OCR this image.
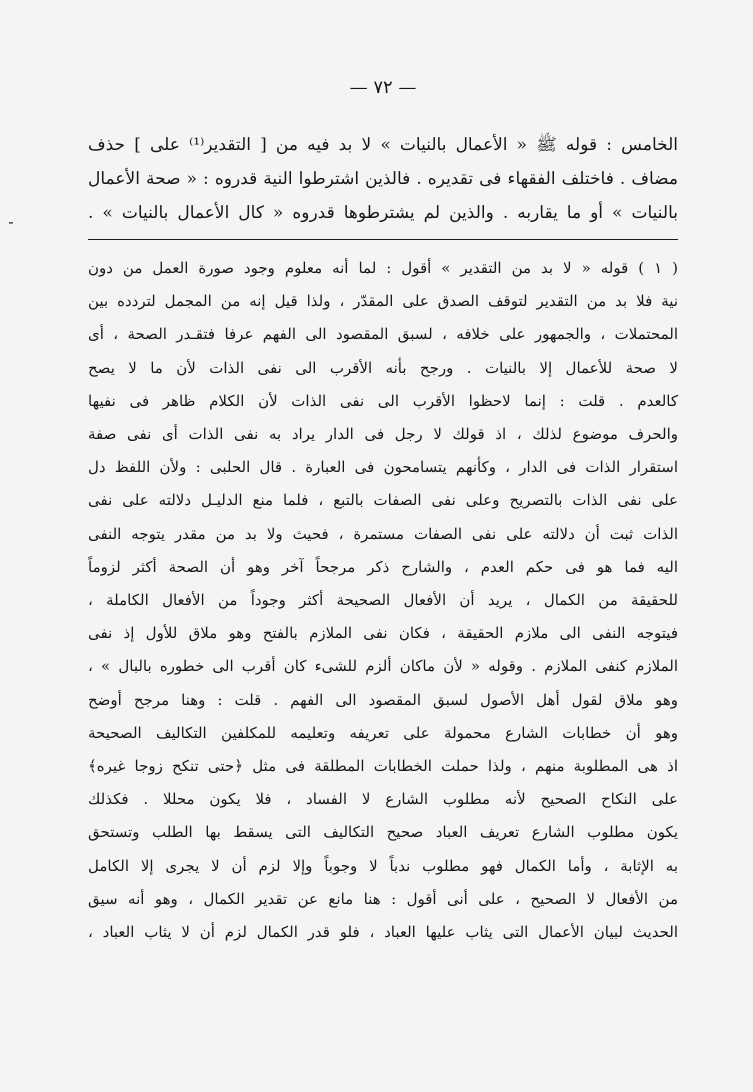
— ٧٢ —
-
الخامس : قوله ﷺ « الأعمال بالنيات » لا بد فيه من [ التقدير⁽¹⁾ على ] حذف
مضاف . فاختلف الفقهاء فى تقديره . فالذين اشترطوا النية قدروه : « صحة الأعمال
بالنيات » أو ما يقاربه . والذين لم يشترطوها قدروه « كال الأعمال بالنيات » .
( ١ ) قوله « لا بد من التقدير » أقول : لما أنه معلوم وجود صورة العمل من دون
نية فلا بد من التقدير لتوقف الصدق على المقدّر ، ولذا قيل إنه من المجمل لتردده بين
المحتملات ، والجمهور على خلافه ، لسبق المقصود الى الفهم عرفا فتقـدر الصحة ، أى
لا صحة للأعمال إلا بالنيات . ورجح بأنه الأقرب الى نفى الذات لأن ما لا يصح
كالعدم . قلت : إنما لاحظوا الأقرب الى نفى الذات لأن الكلام ظاهر فى نفيها
والحرف موضوع لذلك ، اذ قولك لا رجل فى الدار يراد به نفى الذات أى نفى صفة
استقرار الذات فى الدار ، وكأنهم يتسامحون فى العبارة . قال الحلبى : ولأن اللفظ دل
على نفى الذات بالتصريح وعلى نفى الصفات بالتبع ، فلما منع الدليـل دلالته على نفى
الذات ثبت أن دلالته على نفى الصفات مستمرة ، فحيث ولا بد من مقدر يتوجه النفى
اليه فما هو فى حكم العدم ، والشارح ذكر مرجحاً آخر وهو أن الصحة أكثر لزوماً
للحقيقة من الكمال ، يريد أن الأفعال الصحيحة أكثر وجوداً من الأفعال الكاملة ،
فيتوجه النفى الى ملازم الحقيقة ، فكان نفى الملازم بالفتح وهو ملاق للأول إذ نفى
الملازم كنفى الملازم . وقوله « لأن ماكان ألزم للشىء كان أقرب الى خطوره بالبال » ،
وهو ملاق لقول أهل الأصول لسبق المقصود الى الفهم . قلت : وهنا مرجح أوضح
وهو أن خطابات الشارع محمولة على تعريفه وتعليمه للمكلفين التكاليف الصحيحة
اذ هى المطلوبة منهم ، ولذا حملت الخطابات المطلقة فى مثل ﴿حتى تنكح زوجا غيره﴾
على النكاح الصحيح لأنه مطلوب الشارع لا الفساد ، فلا يكون محللا . فكذلك
يكون مطلوب الشارع تعريف العباد صحيح التكاليف التى يسقط بها الطلب وتستحق
به الإثابة ، وأما الكمال فهو مطلوب ندباً لا وجوباً وإلا لزم أن لا يجرى إلا الكامل
من الأفعال لا الصحيح ، على أنى أقول : هنا مانع عن تقدير الكمال ، وهو أنه سيق
الحديث لبيان الأعمال التى يثاب عليها العباد ، فلو قدر الكمال لزم أن لا يثاب العباد ،
